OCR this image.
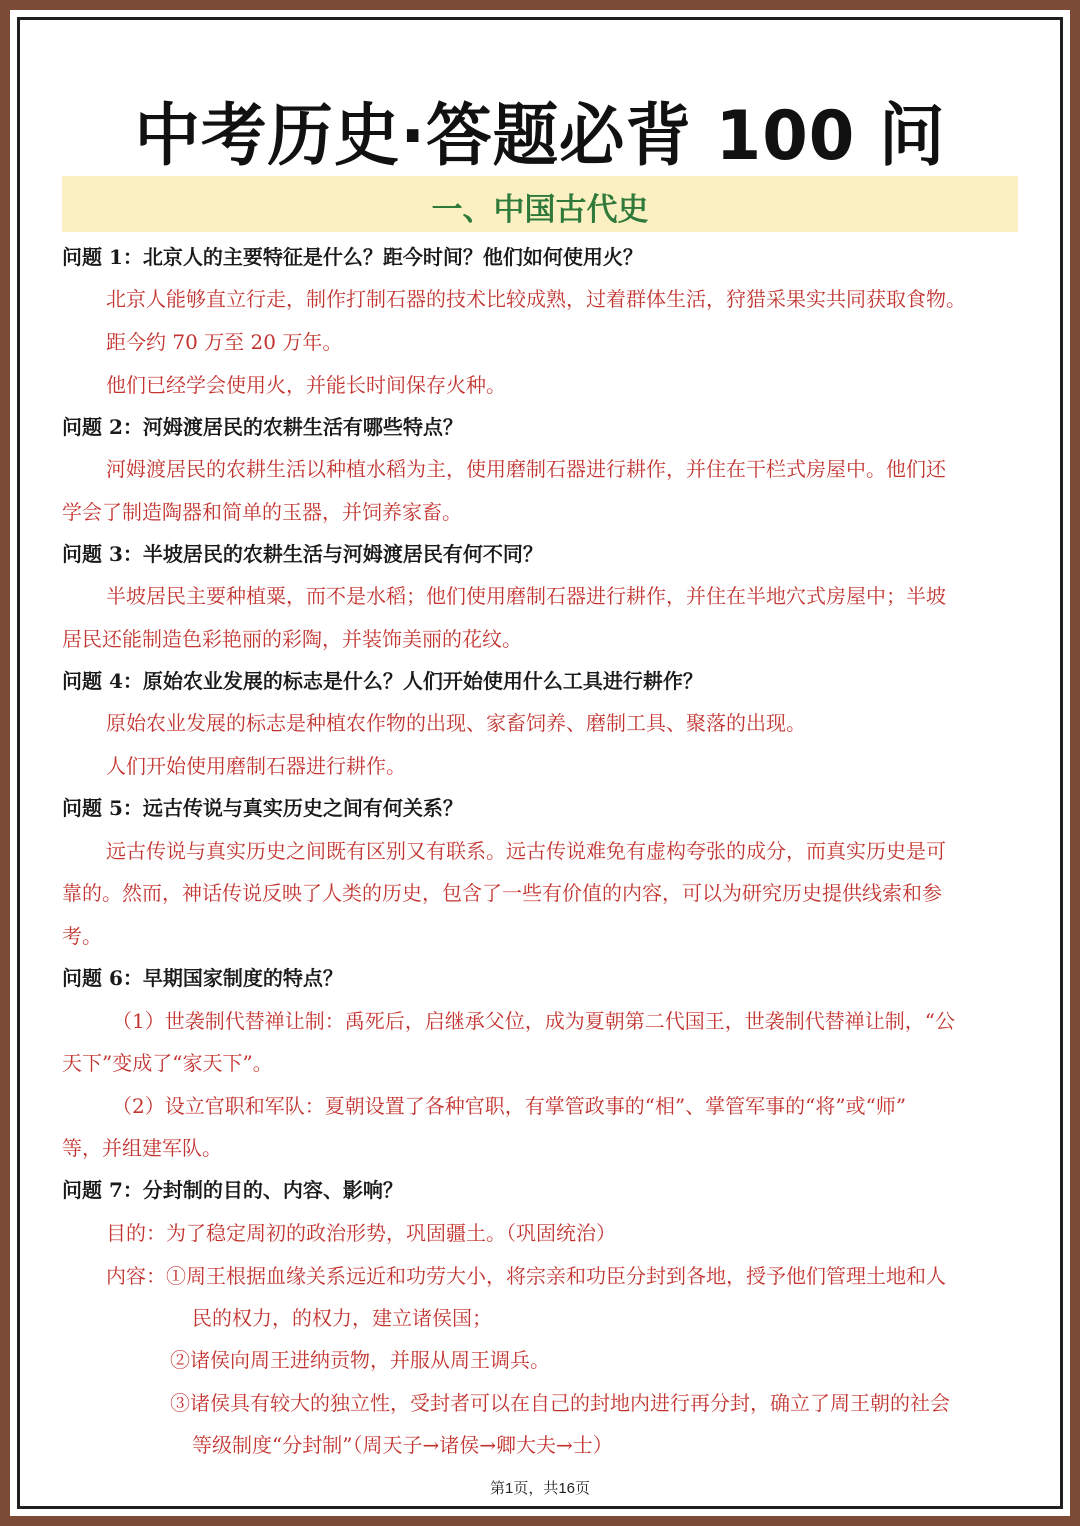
中考历史·答题必背 100 问
一、中国古代史
问题 1：北京人的主要特征是什么？距今时间？他们如何使用火？
北京人能够直立行走，制作打制石器的技术比较成熟，过着群体生活，狩猎采果实共同获取食物。
距今约 70 万至 20 万年。
他们已经学会使用火，并能长时间保存火种。
问题 2：河姆渡居民的农耕生活有哪些特点？
河姆渡居民的农耕生活以种植水稻为主，使用磨制石器进行耕作，并住在干栏式房屋中。他们还
学会了制造陶器和简单的玉器，并饲养家畜。
问题 3：半坡居民的农耕生活与河姆渡居民有何不同？
半坡居民主要种植粟，而不是水稻；他们使用磨制石器进行耕作，并住在半地穴式房屋中；半坡
居民还能制造色彩艳丽的彩陶，并装饰美丽的花纹。
问题 4：原始农业发展的标志是什么？人们开始使用什么工具进行耕作？
原始农业发展的标志是种植农作物的出现、家畜饲养、磨制工具、聚落的出现。
人们开始使用磨制石器进行耕作。
问题 5：远古传说与真实历史之间有何关系？
远古传说与真实历史之间既有区别又有联系。远古传说难免有虚构夸张的成分，而真实历史是可
靠的。然而，神话传说反映了人类的历史，包含了一些有价值的内容，可以为研究历史提供线索和参
考。
问题 6：早期国家制度的特点？
（1）世袭制代替禅让制：禹死后，启继承父位，成为夏朝第二代国王，世袭制代替禅让制，“公
天下”变成了“家天下”。
（2）设立官职和军队：夏朝设置了各种官职，有掌管政事的“相”、掌管军事的“将”或“师”
等，并组建军队。
问题 7：分封制的目的、内容、影响？
目的：为了稳定周初的政治形势，巩固疆土。（巩固统治）
内容：①周王根据血缘关系远近和功劳大小，将宗亲和功臣分封到各地，授予他们管理土地和人
民的权力，的权力，建立诸侯国；
②诸侯向周王进纳贡物，并服从周王调兵。
③诸侯具有较大的独立性，受封者可以在自己的封地内进行再分封，确立了周王朝的社会
等级制度“分封制”（周天子→诸侯→卿大夫→士）
第1页，共16页
